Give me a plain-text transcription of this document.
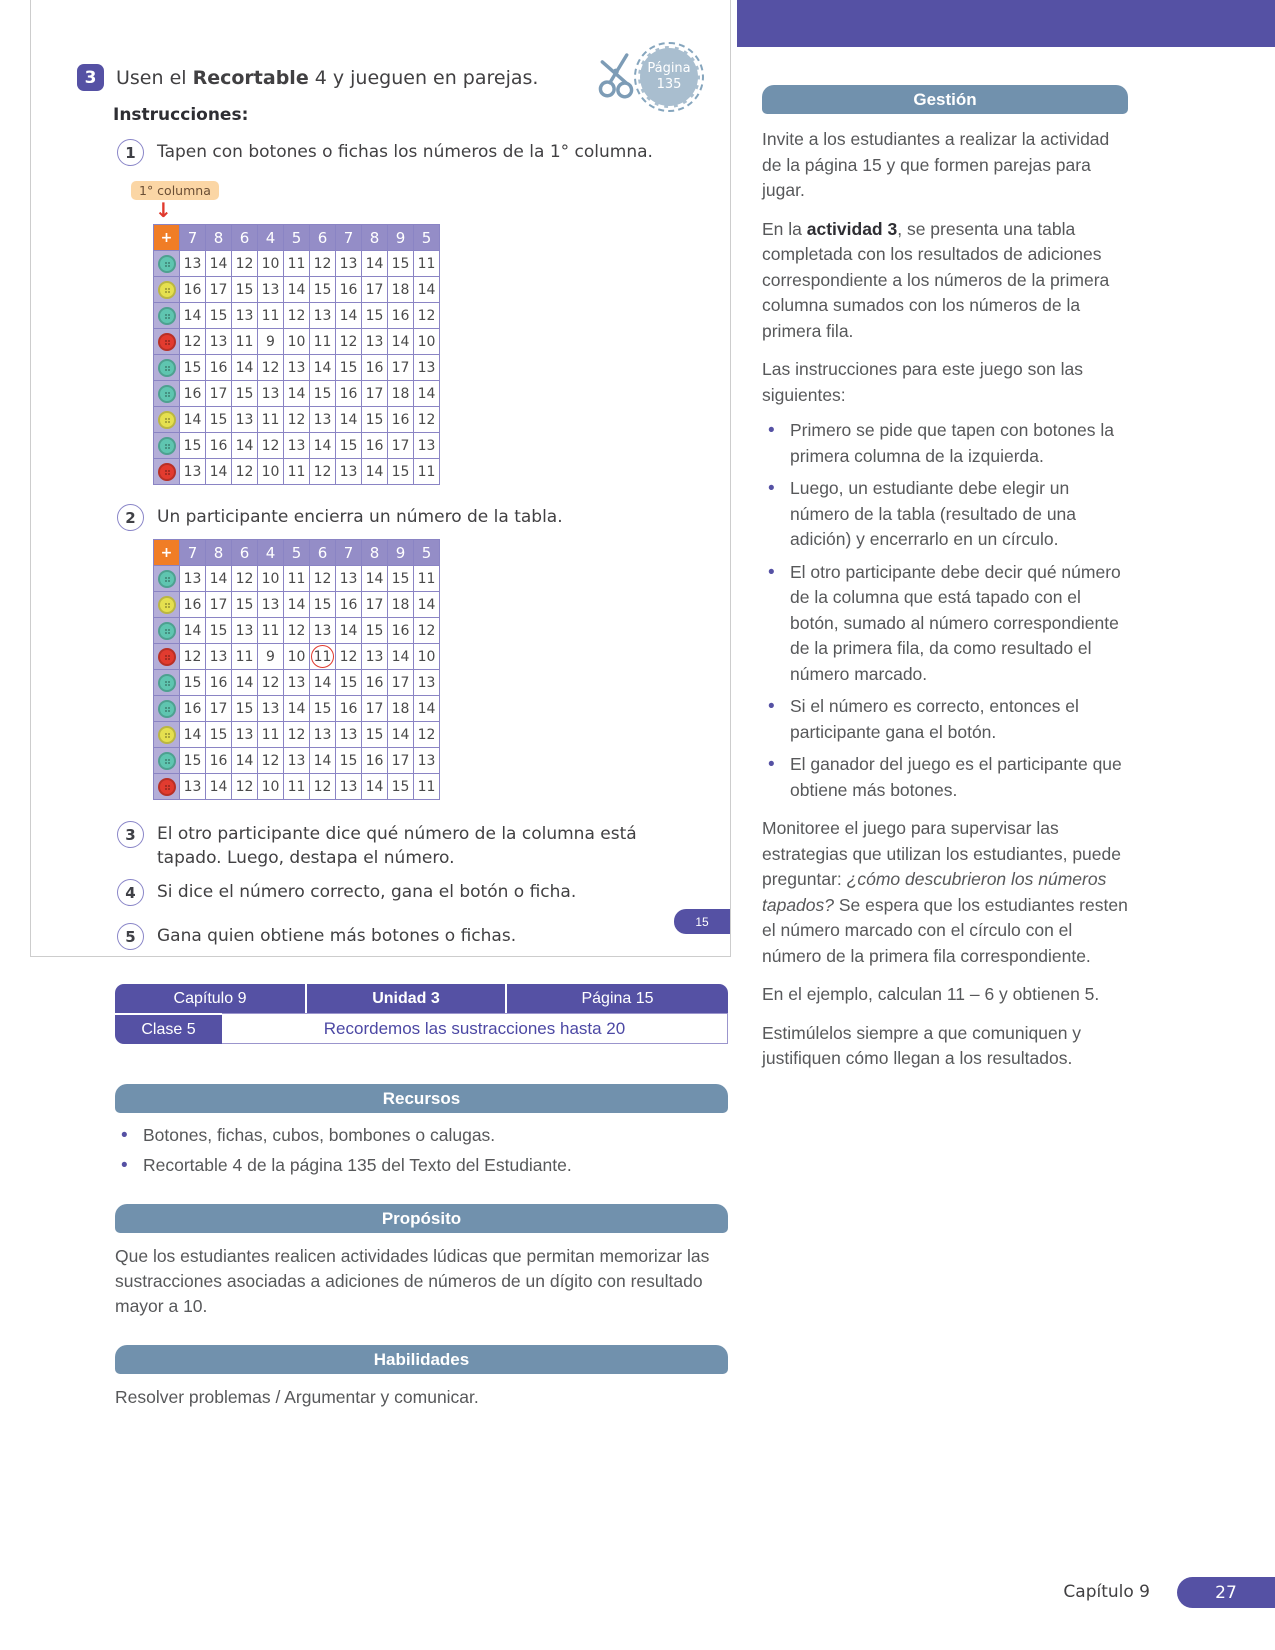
Página
135
3	Usen el Recortable 4 y jueguen en parejas.
Instrucciones:
1	Tapen con botones o fichas los números de la 1° columna.
1° columna
↓
+	7	8	6	4	5	6	7	8	9	5
	13	14	12	10	11	12	13	14	15	11
	16	17	15	13	14	15	16	17	18	14
	14	15	13	11	12	13	14	15	16	12
	12	13	11	9	10	11	12	13	14	10
	15	16	14	12	13	14	15	16	17	13
	16	17	15	13	14	15	16	17	18	14
	14	15	13	11	12	13	14	15	16	12
	15	16	14	12	13	14	15	16	17	13
	13	14	12	10	11	12	13	14	15	11
2	Un participante encierra un número de la tabla.
+	7	8	6	4	5	6	7	8	9	5
	13	14	12	10	11	12	13	14	15	11
	16	17	15	13	14	15	16	17	18	14
	14	15	13	11	12	13	14	15	16	12
	12	13	11	9	10	11	12	13	14	10
	15	16	14	12	13	14	15	16	17	13
	16	17	15	13	14	15	16	17	18	14
	14	15	13	11	12	13	13	15	14	12
	15	16	14	12	13	14	15	16	17	13
	13	14	12	10	11	12	13	14	15	11
3	El otro participante dice qué número de la columna está tapado. Luego, destapa el número.
4	Si dice el número correcto, gana el botón o ficha.
5	Gana quien obtiene más botones o fichas.
15
Capítulo 9	Unidad 3	Página 15
Clase 5	Recordemos las sustracciones hasta 20
Recursos
• Botones, fichas, cubos, bombones o calugas.
• Recortable 4 de la página 135 del Texto del Estudiante.
Propósito

Que los estudiantes realicen actividades lúdicas que permitan memorizar las sustracciones asociadas a adiciones de números de un dígito con resultado mayor a 10.

Habilidades

Resolver problemas / Argumentar y comunicar.

Gestión

Invite a los estudiantes a realizar la actividad de la página 15 y que formen parejas para jugar.

En la actividad 3, se presenta una tabla completada con los resultados de adiciones correspondiente a los números de la primera columna sumados con los números de la primera fila.

Las instrucciones para este juego son las siguientes:

• Primero se pide que tapen con botones la primera columna de la izquierda.
• Luego, un estudiante debe elegir un número de la tabla (resultado de una adición) y encerrarlo en un círculo.
• El otro participante debe decir qué número de la columna que está tapado con el botón, sumado al número correspondiente de la primera fila, da como resultado el número marcado.
• Si el número es correcto, entonces el participante gana el botón.
• El ganador del juego es el participante que obtiene más botones.

Monitoree el juego para supervisar las estrategias que utilizan los estudiantes, puede preguntar: ¿cómo descubrieron los números tapados? Se espera que los estudiantes resten el número marcado con el círculo con el número de la primera fila correspondiente.

En el ejemplo, calculan 11 – 6 y obtienen 5.

Estimúlelos siempre a que comuniquen y justifiquen cómo llegan a los resultados.

Capítulo 9	27
